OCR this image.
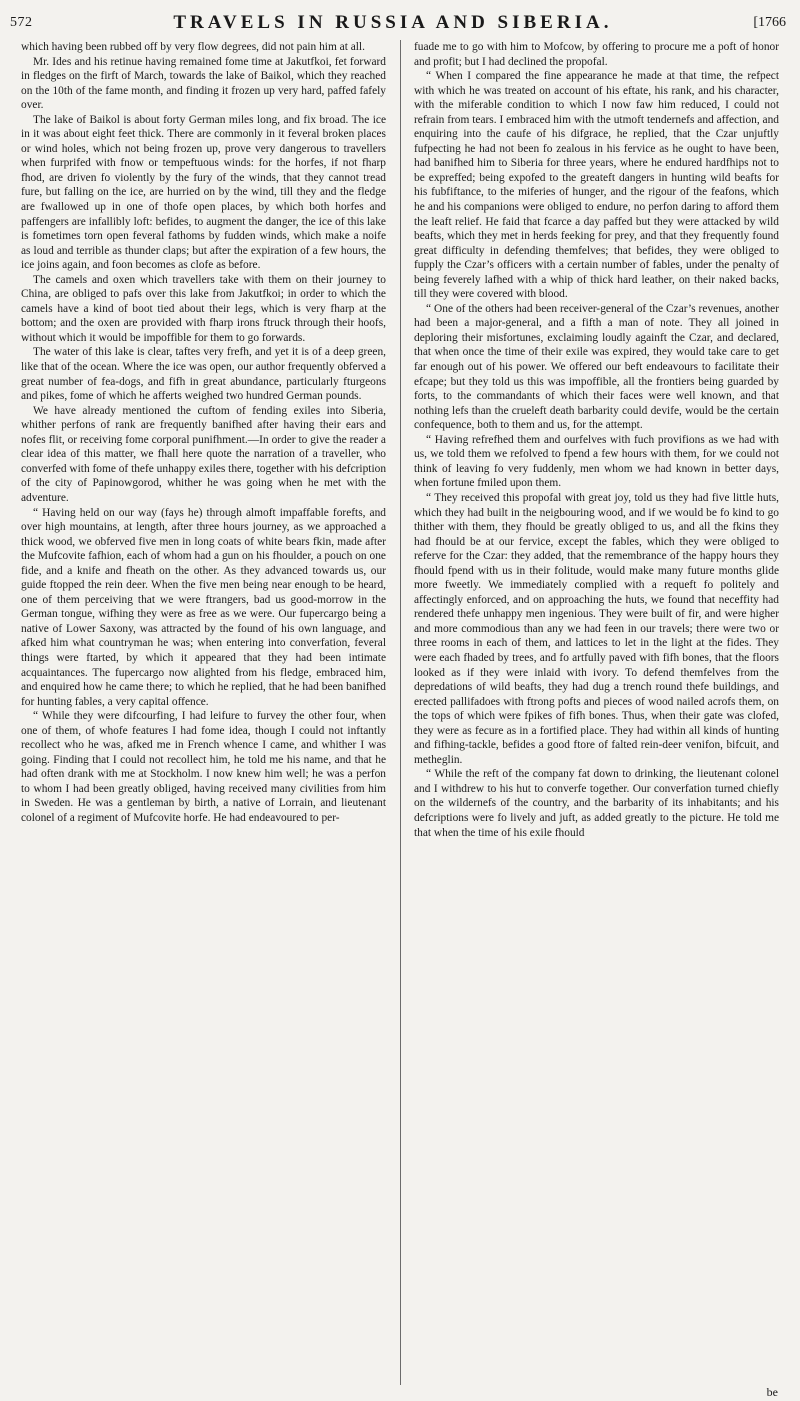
572	TRAVELS IN RUSSIA AND SIBERIA.	[1766

which having been rubbed off by very flow degrees, did not pain him at all.

Mr. Ides and his retinue having remained fome time at Jakutfkoi, fet forward in fledges on the firft of March, towards the lake of Baikol, which they reached on the 10th of the fame month, and finding it frozen up very hard, paffed fafely over.

The lake of Baikol is about forty German miles long, and fix broad. The ice in it was about eight feet thick. There are commonly in it feveral broken places or wind holes, which not being frozen up, prove very dangerous to travellers when furprifed with fnow or tempeftuous winds: for the horfes, if not fharp fhod, are driven fo violently by the fury of the winds, that they cannot tread fure, but falling on the ice, are hurried on by the wind, till they and the fledge are fwallowed up in one of thofe open places, by which both horfes and paffengers are infallibly loft: befides, to augment the danger, the ice of this lake is fometimes torn open feveral fathoms by fudden winds, which make a noife as loud and terrible as thunder claps; but after the expiration of a few hours, the ice joins again, and foon becomes as clofe as before.

The camels and oxen which travellers take with them on their journey to China, are obliged to pafs over this lake from Jakutfkoi; in order to which the camels have a kind of boot tied about their legs, which is very fharp at the bottom; and the oxen are provided with fharp irons ftruck through their hoofs, without which it would be impoffible for them to go forwards.

The water of this lake is clear, taftes very frefh, and yet it is of a deep green, like that of the ocean. Where the ice was open, our author frequently obferved a great number of fea-dogs, and fifh in great abundance, particularly fturgeons and pikes, fome of which he afferts weighed two hundred German pounds.

We have already mentioned the cuftom of fending exiles into Siberia, whither perfons of rank are frequently banifhed after having their ears and nofes flit, or receiving fome corporal punifhment.—In order to give the reader a clear idea of this matter, we fhall here quote the narration of a traveller, who converfed with fome of thefe unhappy exiles there, together with his defcription of the city of Papinowgorod, whither he was going when he met with the adventure.

“ Having held on our way (fays he) through almoft impaffable forefts, and over high mountains, at length, after three hours journey, as we approached a thick wood, we obferved five men in long coats of white bears fkin, made after the Mufcovite fafhion, each of whom had a gun on his fhoulder, a pouch on one fide, and a knife and fheath on the other. As they advanced towards us, our guide ftopped the rein deer. When the five men being near enough to be heard, one of them perceiving that we were ftrangers, bad us good-morrow in the German tongue, wifhing they were as free as we were. Our fupercargo being a native of Lower Saxony, was attracted by the found of his own language, and afked him what countryman he was; when entering into converfation, feveral things were ftarted, by which it appeared that they had been intimate acquaintances. The fupercargo now alighted from his fledge, embraced him, and enquired how he came there; to which he replied, that he had been banifhed for hunting fables, a very capital offence.

“ While they were difcourfing, I had leifure to furvey the other four, when one of them, of whofe features I had fome idea, though I could not inftantly recollect who he was, afked me in French whence I came, and whither I was going. Finding that I could not recollect him, he told me his name, and that he had often drank with me at Stockholm. I now knew him well; he was a perfon to whom I had been greatly obliged, having received many civilities from him in Sweden. He was a gentleman by birth, a native of Lorrain, and lieutenant colonel of a regiment of Mufcovite horfe. He had endeavoured to per-

fuade me to go with him to Mofcow, by offering to procure me a poft of honor and profit; but I had declined the propofal.

“ When I compared the fine appearance he made at that time, the refpect with which he was treated on account of his eftate, his rank, and his character, with the miferable condition to which I now faw him reduced, I could not refrain from tears. I embraced him with the utmoft tendernefs and affection, and enquiring into the caufe of his difgrace, he replied, that the Czar unjuftly fufpecting he had not been fo zealous in his fervice as he ought to have been, had banifhed him to Siberia for three years, where he endured hardfhips not to be expreffed; being expofed to the greateft dangers in hunting wild beafts for his fubfiftance, to the miferies of hunger, and the rigour of the feafons, which he and his companions were obliged to endure, no perfon daring to afford them the leaft relief. He faid that fcarce a day paffed but they were attacked by wild beafts, which they met in herds feeking for prey, and that they frequently found great difficulty in defending themfelves; that befides, they were obliged to fupply the Czar’s officers with a certain number of fables, under the penalty of being feverely lafhed with a whip of thick hard leather, on their naked backs, till they were covered with blood.

“ One of the others had been receiver-general of the Czar’s revenues, another had been a major-general, and a fifth a man of note. They all joined in deploring their misfortunes, exclaiming loudly againft the Czar, and declared, that when once the time of their exile was expired, they would take care to get far enough out of his power. We offered our beft endeavours to facilitate their efcape; but they told us this was impoffible, all the frontiers being guarded by forts, to the commandants of which their faces were well known, and that nothing lefs than the crueleft death barbarity could devife, would be the certain confequence, both to them and us, for the attempt.

“ Having refrefhed them and ourfelves with fuch provifions as we had with us, we told them we refolved to fpend a few hours with them, for we could not think of leaving fo very fuddenly, men whom we had known in better days, when fortune fmiled upon them.

“ They received this propofal with great joy, told us they had five little huts, which they had built in the neigbouring wood, and if we would be fo kind to go thither with them, they fhould be greatly obliged to us, and all the fkins they had fhould be at our fervice, except the fables, which they were obliged to referve for the Czar: they added, that the remembrance of the happy hours they fhould fpend with us in their folitude, would make many future months glide more fweetly. We immediately complied with a requeft fo politely and affectingly enforced, and on approaching the huts, we found that neceffity had rendered thefe unhappy men ingenious. They were built of fir, and were higher and more commodious than any we had feen in our travels; there were two or three rooms in each of them, and lattices to let in the light at the fides. They were each fhaded by trees, and fo artfully paved with fifh bones, that the floors looked as if they were inlaid with ivory. To defend themfelves from the depredations of wild beafts, they had dug a trench round thefe buildings, and erected pallifadoes with ftrong pofts and pieces of wood nailed acrofs them, on the tops of which were fpikes of fifh bones. Thus, when their gate was clofed, they were as fecure as in a fortified place. They had within all kinds of hunting and fifhing-tackle, befides a good ftore of falted rein-deer venifon, bifcuit, and metheglin.

“ While the reft of the company fat down to drinking, the lieutenant colonel and I withdrew to his hut to converfe together. Our converfation turned chiefly on the wildernefs of the country, and the barbarity of its inhabitants; and his defcriptions were fo lively and juft, as added greatly to the picture. He told me that when the time of his exile fhould

be
